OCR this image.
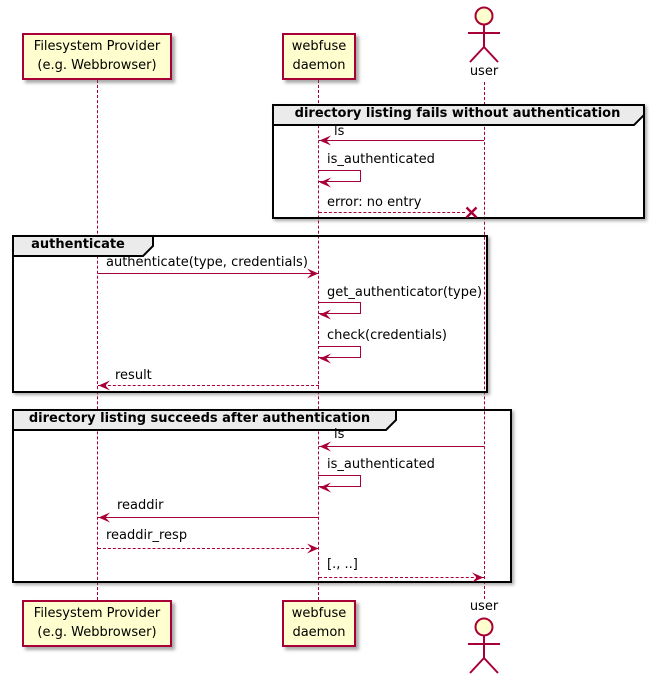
Filesystem Provider
(e.g. Webbrowser)
webfuse
daemon	user
directory listing fails without authentication
ls
is_authenticated
error: no entry
authenticate
authenticate(type, credentials)
get_authenticator(type)
check(credentials)
result
directory listing succeeds after authentication
ls
is_authenticated
readdir
readdir_resp
[., ..]
Filesystem Provider
(e.g. Webbrowser)
webfuse
daemon
user
